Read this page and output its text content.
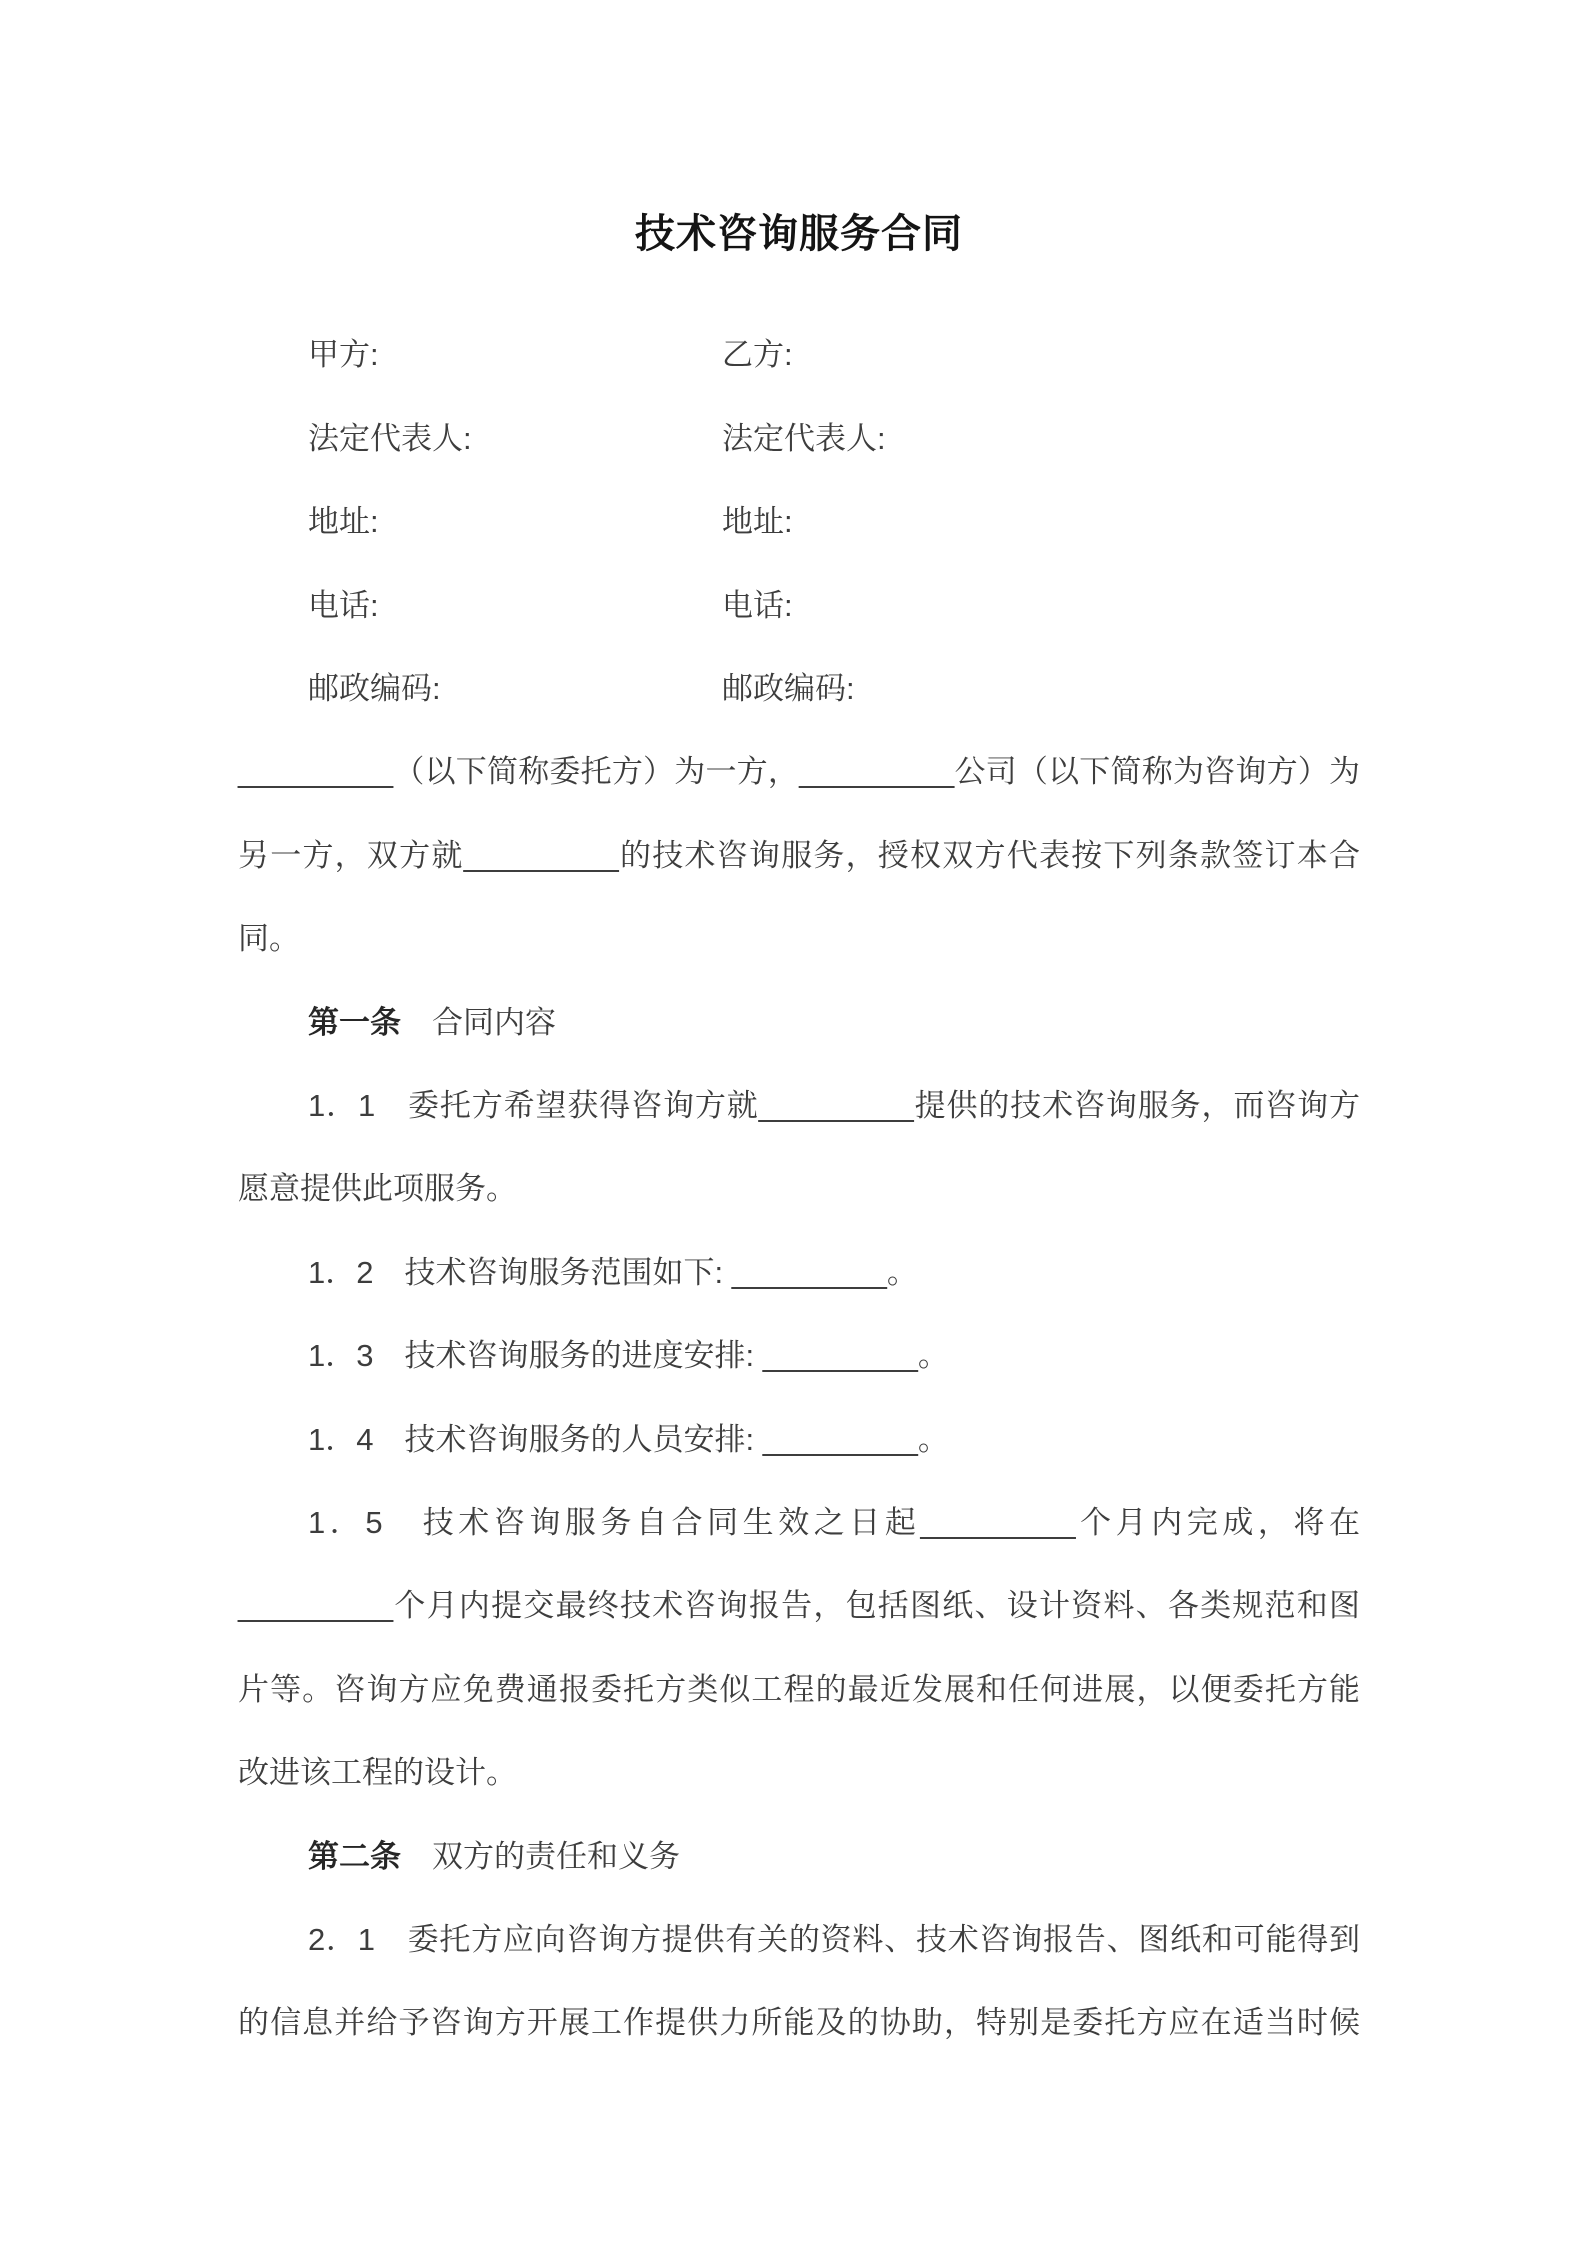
技术咨询服务合同
甲方:	乙方:
法定代表人:	法定代表人:
地址:	地址:
电话:	电话:
邮政编码:	邮政编码:
_________（以下简称委托方）为一方，_________公司（以下简称为咨询方）为
另一方，双方就_________的技术咨询服务，授权双方代表按下列条款签订本合
同。
第一条　合同内容
1．1　委托方希望获得咨询方就_________提供的技术咨询服务，而咨询方
愿意提供此项服务。
1．2　技术咨询服务范围如下: _________。
1．3　技术咨询服务的进度安排: _________。
1．4　技术咨询服务的人员安排: _________。
1．5　技术咨询服务自合同生效之日起_________个月内完成，将在
_________个月内提交最终技术咨询报告，包括图纸、设计资料、各类规范和图
片等。咨询方应免费通报委托方类似工程的最近发展和任何进展，以便委托方能
改进该工程的设计。
第二条　双方的责任和义务
2．1　委托方应向咨询方提供有关的资料、技术咨询报告、图纸和可能得到
的信息并给予咨询方开展工作提供力所能及的协助，特别是委托方应在适当时候
